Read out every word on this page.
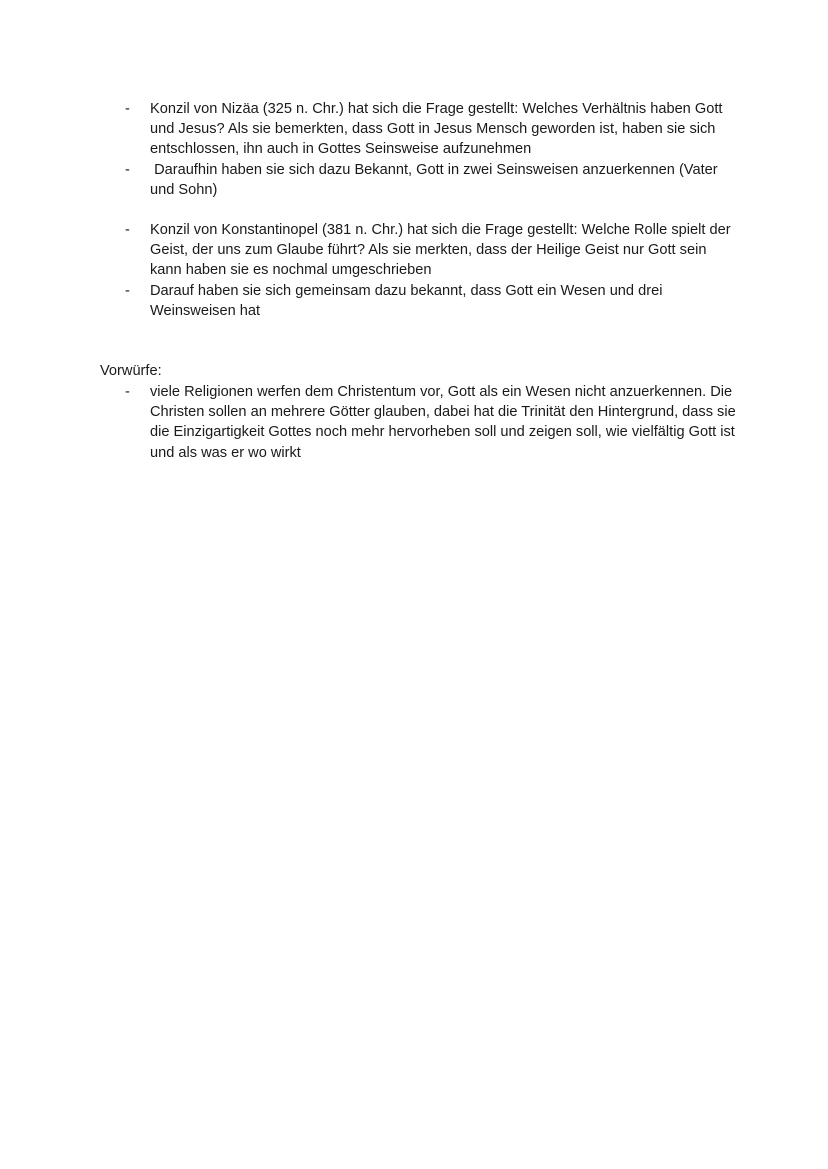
- Konzil von Nizäa (325 n. Chr.) hat sich die Frage gestellt: Welches Verhältnis haben Gott und Jesus? Als sie bemerkten, dass Gott in Jesus Mensch geworden ist, haben sie sich entschlossen, ihn auch in Gottes Seinsweise aufzunehmen
- Daraufhin haben sie sich dazu Bekannt, Gott in zwei Seinsweisen anzuerkennen (Vater und Sohn)
- Konzil von Konstantinopel (381 n. Chr.) hat sich die Frage gestellt: Welche Rolle spielt der Geist, der uns zum Glaube führt? Als sie merkten, dass der Heilige Geist nur Gott sein kann haben sie es nochmal umgeschrieben
- Darauf haben sie sich gemeinsam dazu bekannt, dass Gott ein Wesen und drei Weinsweisen hat

Vorwürfe:

- viele Religionen werfen dem Christentum vor, Gott als ein Wesen nicht anzuerkennen. Die Christen sollen an mehrere Götter glauben, dabei hat die Trinität den Hintergrund, dass sie die Einzigartigkeit Gottes noch mehr hervorheben soll und zeigen soll, wie vielfältig Gott ist und als was er wo wirkt
